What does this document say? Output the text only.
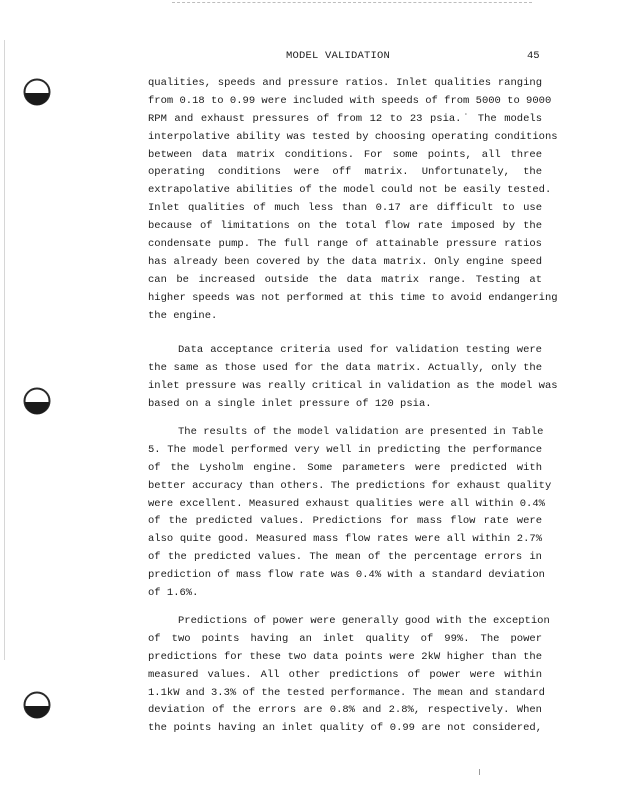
MODEL VALIDATION	45
qualities, speeds and pressure ratios. Inlet qualities ranging
from 0.18 to 0.99 were included with speeds of from 5000 to 9000
RPM and exhaust pressures of from 12 to 23 psia.˙ The models
interpolative ability was tested by choosing operating conditions
between data matrix conditions. For some points, all three
operating conditions were off matrix. Unfortunately, the
extrapolative abilities of the model could not be easily tested.
Inlet qualities of much less than 0.17 are difficult to use
because of limitations on the total flow rate imposed by the
condensate pump. The full range of attainable pressure ratios
has already been covered by the data matrix. Only engine speed
can be increased outside the data matrix range. Testing at
higher speeds was not performed at this time to avoid endangering
the engine.
Data acceptance criteria used for validation testing were
the same as those used for the data matrix. Actually, only the
inlet pressure was really critical in validation as the model was
based on a single inlet pressure of 120 psia.
The results of the model validation are presented in Table
5. The model performed very well in predicting the performance
of the Lysholm engine. Some parameters were predicted with
better accuracy than others. The predictions for exhaust quality
were excellent. Measured exhaust qualities were all within 0.4%
of the predicted values. Predictions for mass flow rate were
also quite good. Measured mass flow rates were all within 2.7%
of the predicted values. The mean of the percentage errors in
prediction of mass flow rate was 0.4% with a standard deviation
of 1.6%.
Predictions of power were generally good with the exception
of two points having an inlet quality of 99%. The power
predictions for these two data points were 2kW higher than the
measured values. All other predictions of power were within
1.1kW and 3.3% of the tested performance. The mean and standard
deviation of the errors are 0.8% and 2.8%, respectively. When
the points having an inlet quality of 0.99 are not considered,
